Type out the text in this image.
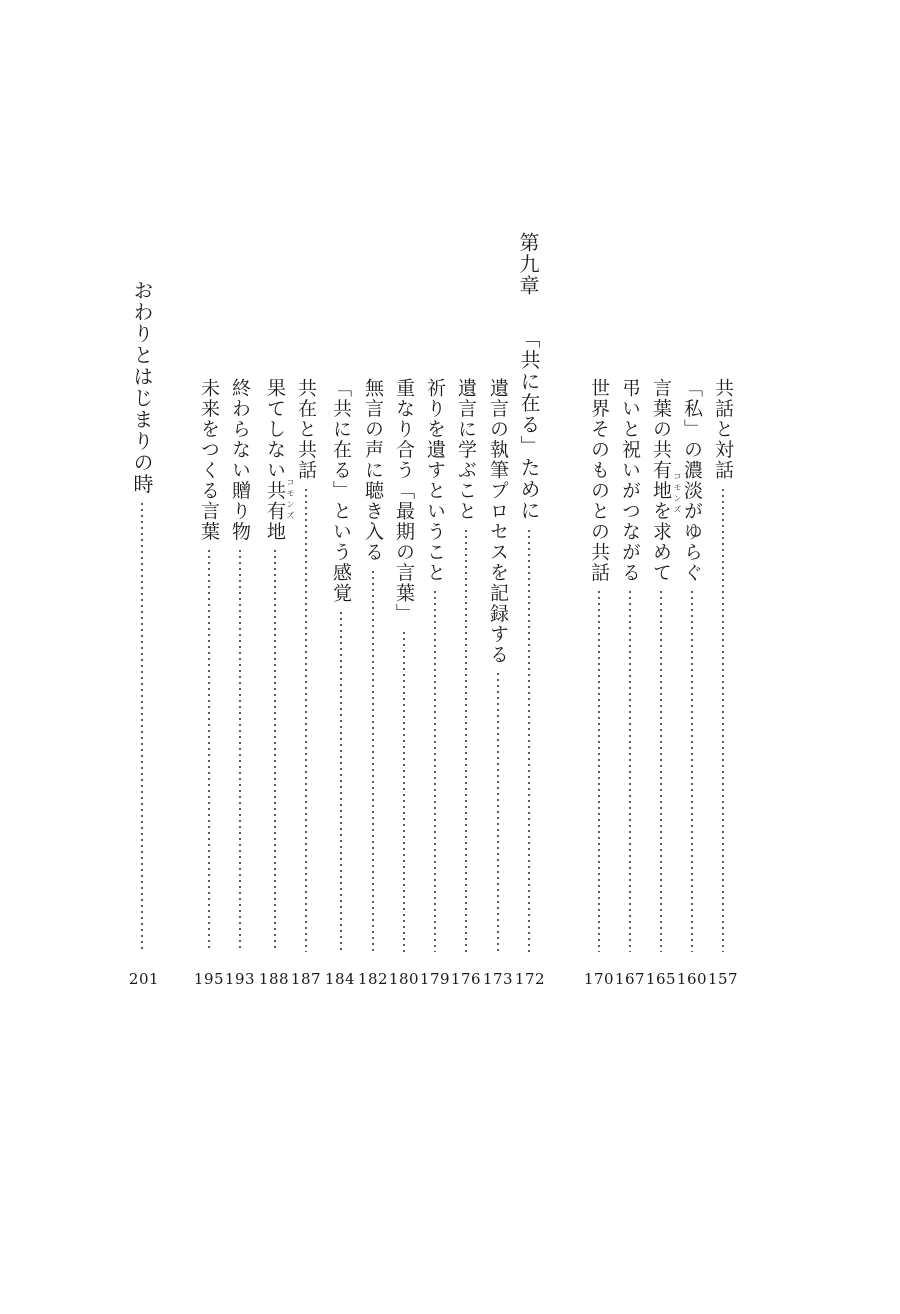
共話と対話
157
「私」の濃淡がゆらぐ
160
コモンズ
言葉の共有地を求めて
165
弔いと祝いがつながる
167
世界そのものとの共話
170
第九章
「共に在る」ために
172
遺言の執筆プロセスを記録する
173
遺言に学ぶこと
176
祈りを遺すということ
179
重なり合う「最期の言葉」
180
無言の声に聴き入る
182
「共に在る」という感覚
184
共在と共話
187
コモンズ
果てしない共有地
188
終わらない贈り物
193
未来をつくる言葉
195
おわりとはじまりの時
201
